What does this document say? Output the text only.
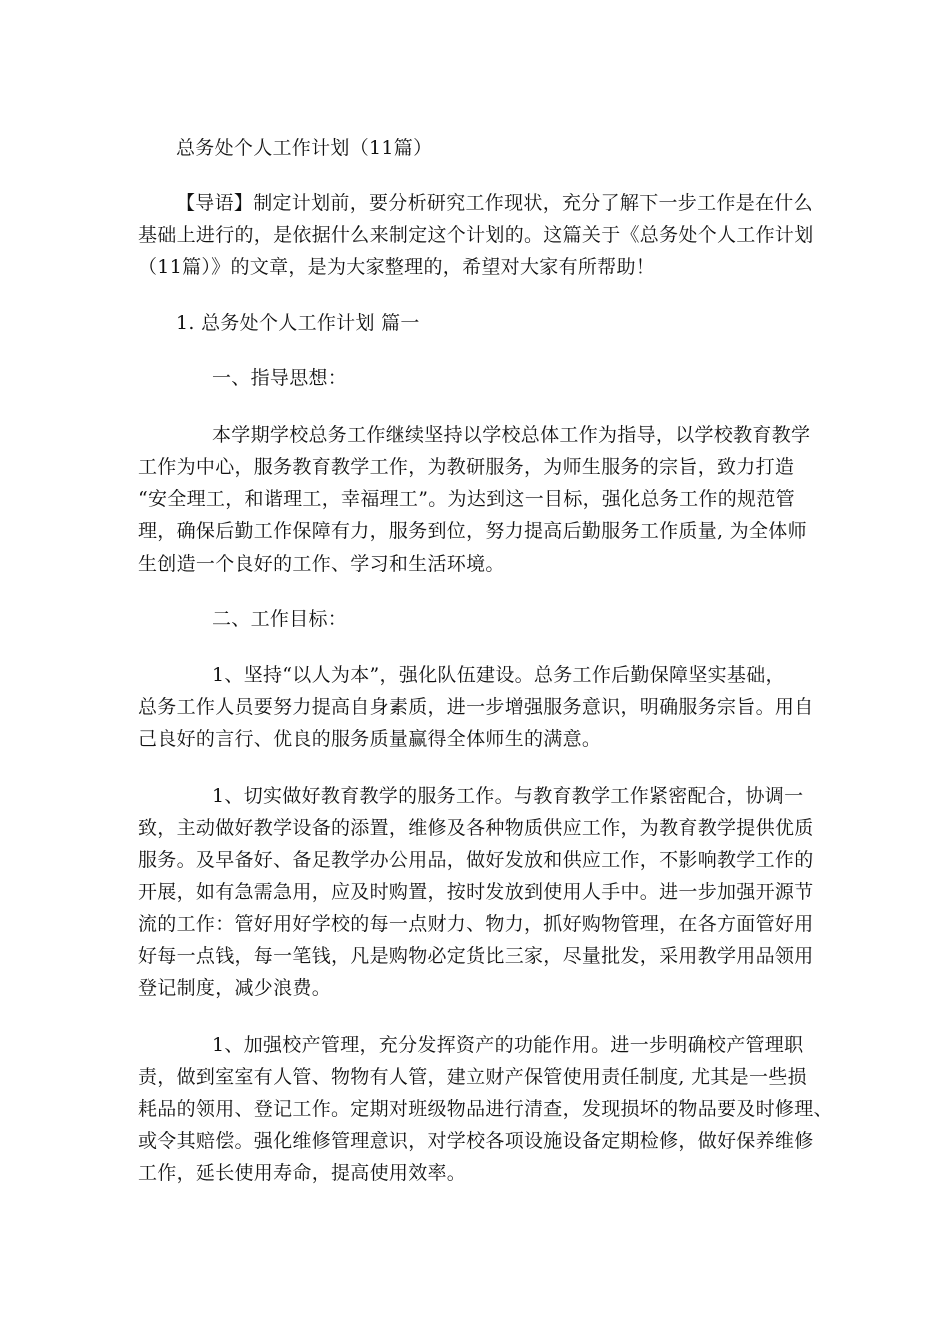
总务处个人工作计划（11篇）
【导语】制定计划前，要分析研究工作现状，充分了解下一步工作是在什么
基础上进行的，是依据什么来制定这个计划的。这篇关于《总务处个人工作计划
（11篇）》的文章，是为大家整理的，希望对大家有所帮助！
1. 总务处个人工作计划 篇一
一、指导思想：
本学期学校总务工作继续坚持以学校总体工作为指导，以学校教育教学
工作为中心，服务教育教学工作，为教研服务，为师生服务的宗旨，致力打造
“安全理工，和谐理工，幸福理工”。为达到这一目标，强化总务工作的规范管
理，确保后勤工作保障有力，服务到位，努力提高后勤服务工作质量, 为全体师
生创造一个良好的工作、学习和生活环境。
二、工作目标：
1、坚持“以人为本”，强化队伍建设。总务工作后勤保障坚实基础，
总务工作人员要努力提高自身素质，进一步增强服务意识，明确服务宗旨。用自
己良好的言行、优良的服务质量赢得全体师生的满意。
1、切实做好教育教学的服务工作。与教育教学工作紧密配合，协调一
致，主动做好教学设备的添置，维修及各种物质供应工作，为教育教学提供优质
服务。及早备好、备足教学办公用品，做好发放和供应工作，不影响教学工作的
开展，如有急需急用，应及时购置，按时发放到使用人手中。进一步加强开源节
流的工作：管好用好学校的每一点财力、物力，抓好购物管理，在各方面管好用
好每一点钱，每一笔钱，凡是购物必定货比三家，尽量批发，采用教学用品领用
登记制度，减少浪费。
1、加强校产管理，充分发挥资产的功能作用。进一步明确校产管理职
责，做到室室有人管、物物有人管，建立财产保管使用责任制度, 尤其是一些损
耗品的领用、登记工作。定期对班级物品进行清查，发现损坏的物品要及时修理、
或令其赔偿。强化维修管理意识，对学校各项设施设备定期检修，做好保养维修
工作，延长使用寿命，提高使用效率。
